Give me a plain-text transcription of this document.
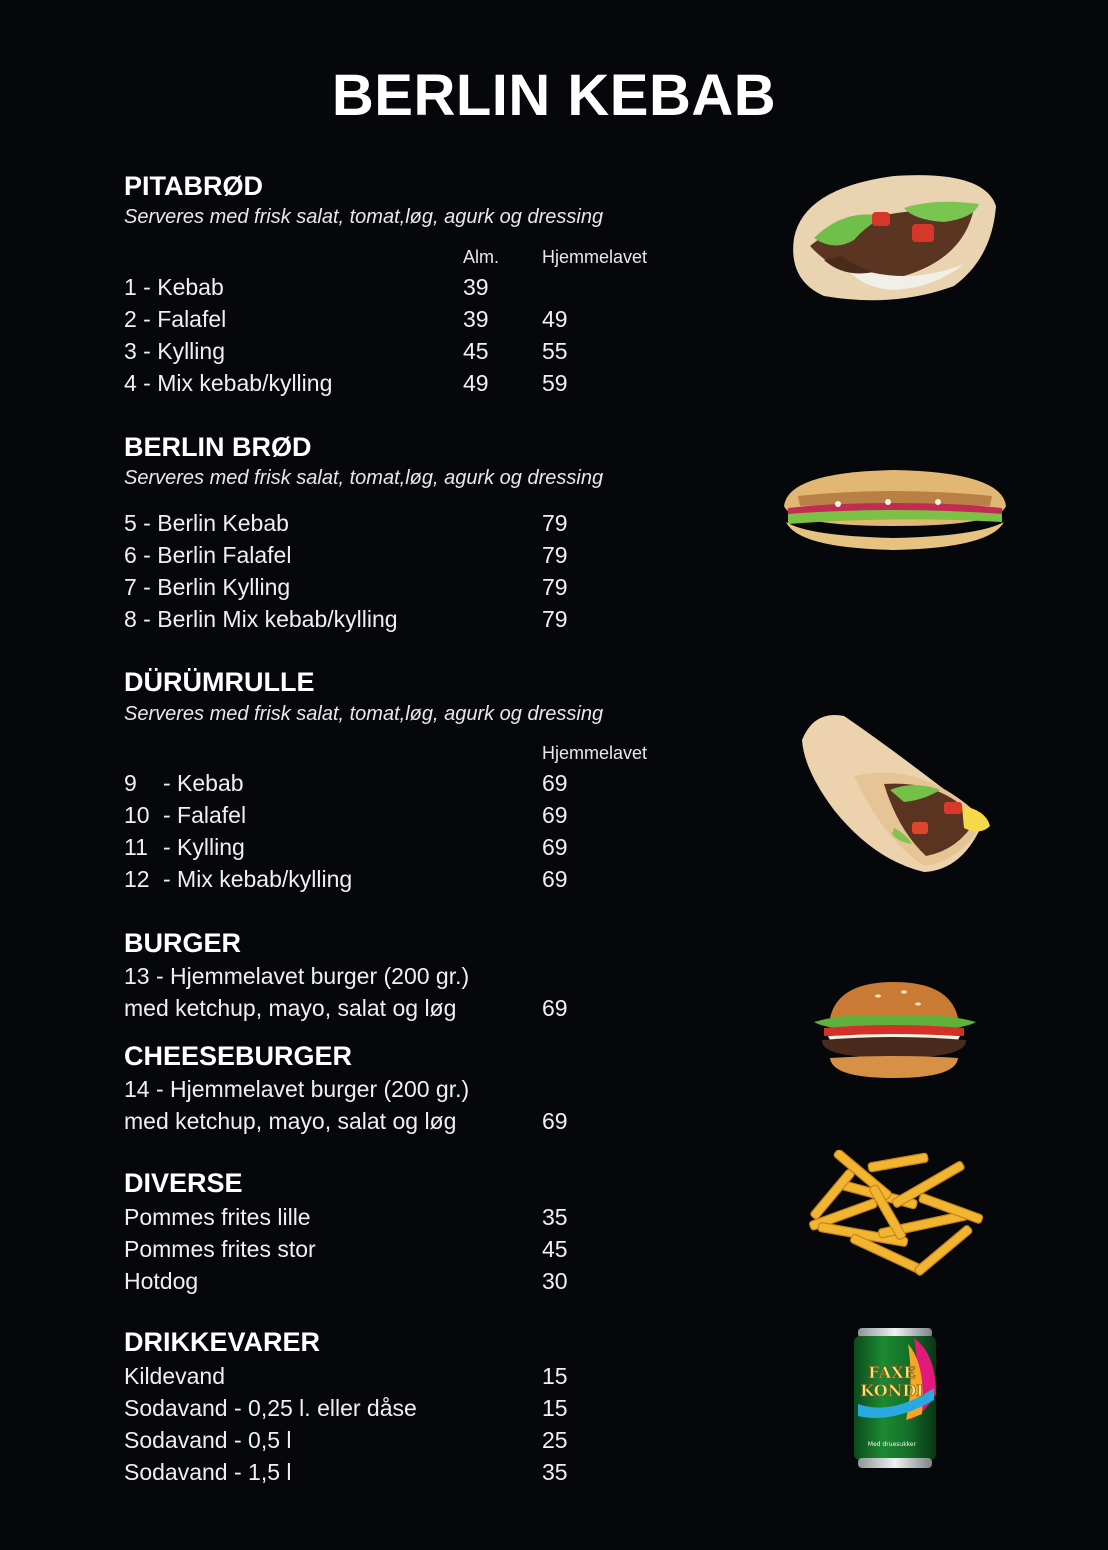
BERLIN KEBAB
PITABRØD
Serveres med frisk salat, tomat,løg, agurk og dressing
Alm. Hjemmelavet
1 - Kebab	39
2 - Falafel	39 49
3 - Kylling	45 55
4 - Mix kebab/kylling	49 59
BERLIN BRØD
Serveres med frisk salat, tomat,løg, agurk og dressing
5 - Berlin Kebab	79
6 - Berlin Falafel	79
7 - Berlin Kylling	79
8 - Berlin Mix kebab/kylling	79
DÜRÜMRULLE
Serveres med frisk salat, tomat,løg, agurk og dressing
Hjemmelavet
9 - Kebab	69
10 - Falafel	69
11 - Kylling	69
12 - Mix kebab/kylling	69
BURGER
13 - Hjemmelavet burger (200 gr.)
med ketchup, mayo, salat og løg	69
CHEESEBURGER
14 - Hjemmelavet burger (200 gr.)
med ketchup, mayo, salat og løg	69
DIVERSE
Pommes frites lille	35
Pommes frites stor	45
Hotdog	30
DRIKKEVARER
Kildevand	15
Sodavand - 0,25 l. eller dåse	15
Sodavand - 0,5 l	25
Sodavand - 1,5 l	35
FAXE
KONDI
Med druesukker
